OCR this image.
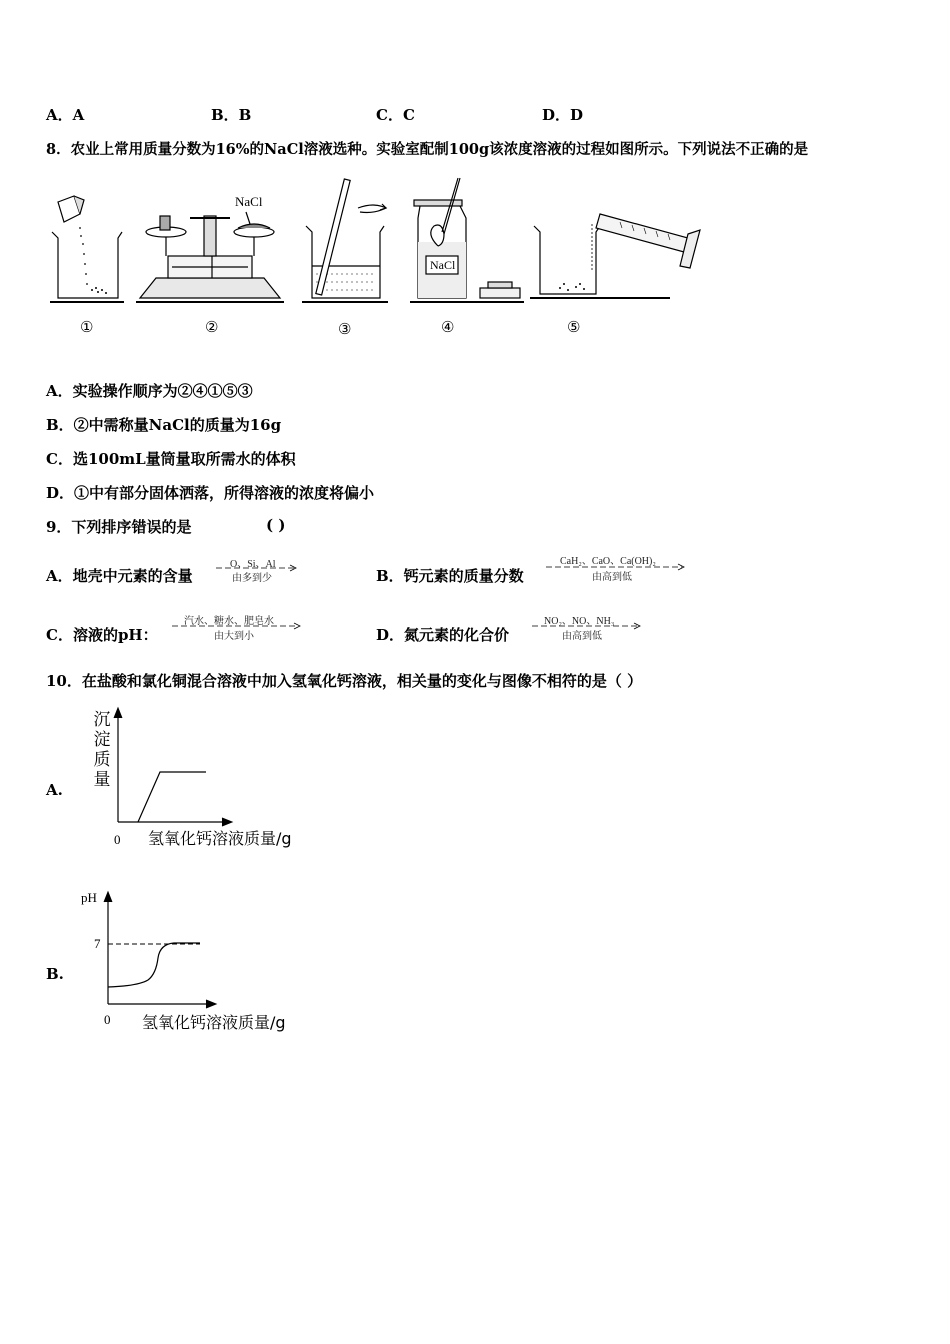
A．A	B．B	C．C	D．D
8．农业上常用质量分数为16%的NaCl溶液选种。实验室配制100g该浓度溶液的过程如图所示。下列说法不正确的是
NaCl
NaCl
①	②	③	④	⑤
A．实验操作顺序为②④①⑤③
B．②中需称量NaCl的质量为16g
C．选100mL量筒量取所需水的体积
D．①中有部分固体洒落，所得溶液的浓度将偏小
9．下列排序错误的是	( )
A．地壳中元素的含量
O、Si、Al
由多到少	B．钙元素的质量分数
CaH₂、CaO、Ca(OH)₂
由高到低
C．溶液的pH：
汽水、糖水、肥皂水
由大到小	D．氮元素的化合价
NO₂、NO、NH₃
由高到低
10．在盐酸和氯化铜混合溶液中加入氢氧化钙溶液，相关量的变化与图像不相符的是（ ）
A.
沉
淀
质
量
0 氢氧化钙溶液质量/g
B.
pH
7
0 氢氧化钙溶液质量/g
